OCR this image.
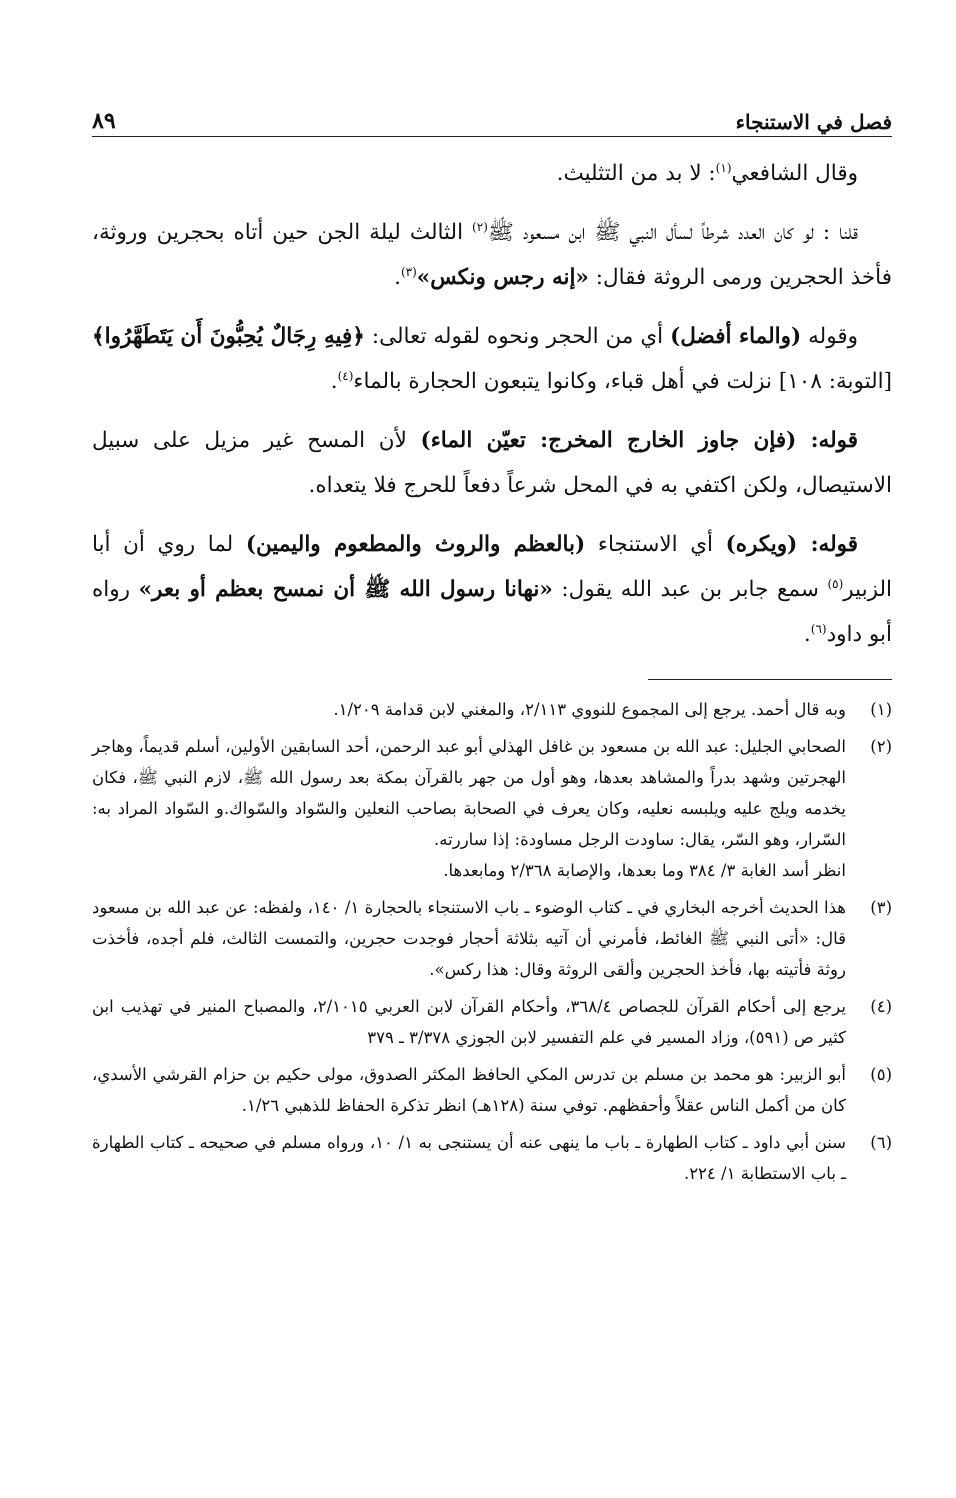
فصل في الاستنجاء
٨٩

وقال الشافعي$^{(١)}$: لا بد من التثليث.

قلنا : لو كان العدد شرطاً لسأل النبي ﷺ ابن مسعود ﷺ$^{(٢)}$ الثالث ليلة الجن حين أتاه بحجرين وروثة، فأخذ الحجرين ورمى الروثة فقال: «إنه رجس ونكس»$^{(٣)}$.

وقوله (والماء أفضل) أي من الحجر ونحوه لقوله تعالى: ﴿فِيهِ رِجَالٌ يُحِبُّونَ أَن يَتَطَهَّرُوا﴾ [التوبة: ١٠٨] نزلت في أهل قباء، وكانوا يتبعون الحجارة بالماء$^{(٤)}$.

قوله: (فإن جاوز الخارج المخرج: تعيّن الماء) لأن المسح غير مزيل على سبيل الاستيصال، ولكن اكتفي به في المحل شرعاً دفعاً للحرج فلا يتعداه.

قوله: (ويكره) أي الاستنجاء (بالعظم والروث والمطعوم واليمين) لما روي أن أبا الزبير$^{(٥)}$ سمع جابر بن عبد الله يقول: «نهانا رسول الله ﷺ أن نمسح بعظم أو بعر» رواه أبو داود$^{(٦)}$.

(١)
وبه قال أحمد. يرجع إلى المجموع للنووي ٢/١١٣، والمغني لابن قدامة ١/٢٠٩.
(٢)
الصحابي الجليل: عبد الله بن مسعود بن غافل الهذلي أبو عبد الرحمن، أحد السابقين الأولين، أسلم قديماً، وهاجر الهجرتين وشهد بدراً والمشاهد بعدها، وهو أول من جهر بالقرآن بمكة بعد رسول الله ﷺ، لازم النبي ﷺ، فكان يخدمه ويلج عليه ويلبسه نعليه، وكان يعرف في الصحابة بصاحب النعلين والسّواد والسّواك.و السّواد المراد به: السّرار، وهو السّر، يقال: ساودت الرجل مساودة: إذا ساررته.
انظر أسد الغابة ٣/ ٣٨٤ وما بعدها، والإصابة ٢/٣٦٨ ومابعدها.
(٣)
هذا الحديث أخرجه البخاري في ـ كتاب الوضوء ـ باب الاستنجاء بالحجارة ١/ ١٤٠، ولفظه: عن عبد الله بن مسعود قال: «أتى النبي ﷺ الغائط، فأمرني أن آتيه بثلاثة أحجار فوجدت حجرين، والتمست الثالث، فلم أجده، فأخذت روثة فأتيته بها، فأخذ الحجرين وألقى الروثة وقال: هذا ركس».
(٤)
يرجع إلى أحكام القرآن للجصاص ٣٦٨/٤، وأحكام القرآن لابن العربي ٢/١٠١٥، والمصباح المنير في تهذيب ابن كثير ص (٥٩١)، وزاد المسير في علم التفسير لابن الجوزي ٣/٣٧٨ ـ ٣٧٩
(٥)
أبو الزبير: هو محمد بن مسلم بن تدرس المكي الحافظ المكثر الصدوق، مولى حكيم بن حزام القرشي الأسدي، كان من أكمل الناس عقلاً وأحفظهم. توفي سنة (١٢٨هـ) انظر تذكرة الحفاظ للذهبي ١/٢٦.
(٦)
سنن أبي داود ـ كتاب الطهارة ـ باب ما ينهى عنه أن يستنجى به ١/ ١٠، ورواه مسلم في صحيحه ـ كتاب الطهارة ـ باب الاستطابة ١/ ٢٢٤.
